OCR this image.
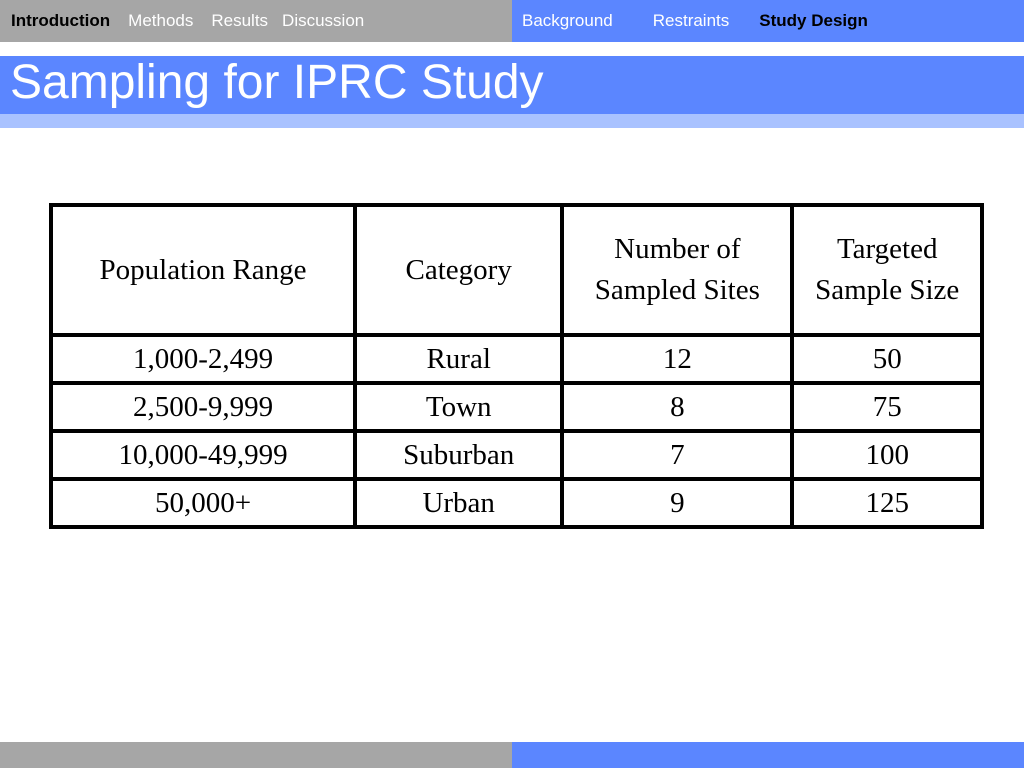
Introduction Methods Results Discussion	Background Restraints Study Design
Sampling for IPRC Study
Population Range	Category	Number of Sampled Sites	Targeted Sample Size
1,000-2,499	Rural	12	50
2,500-9,999	Town	8	75
10,000-49,999	Suburban	7	100
50,000+	Urban	9	125
